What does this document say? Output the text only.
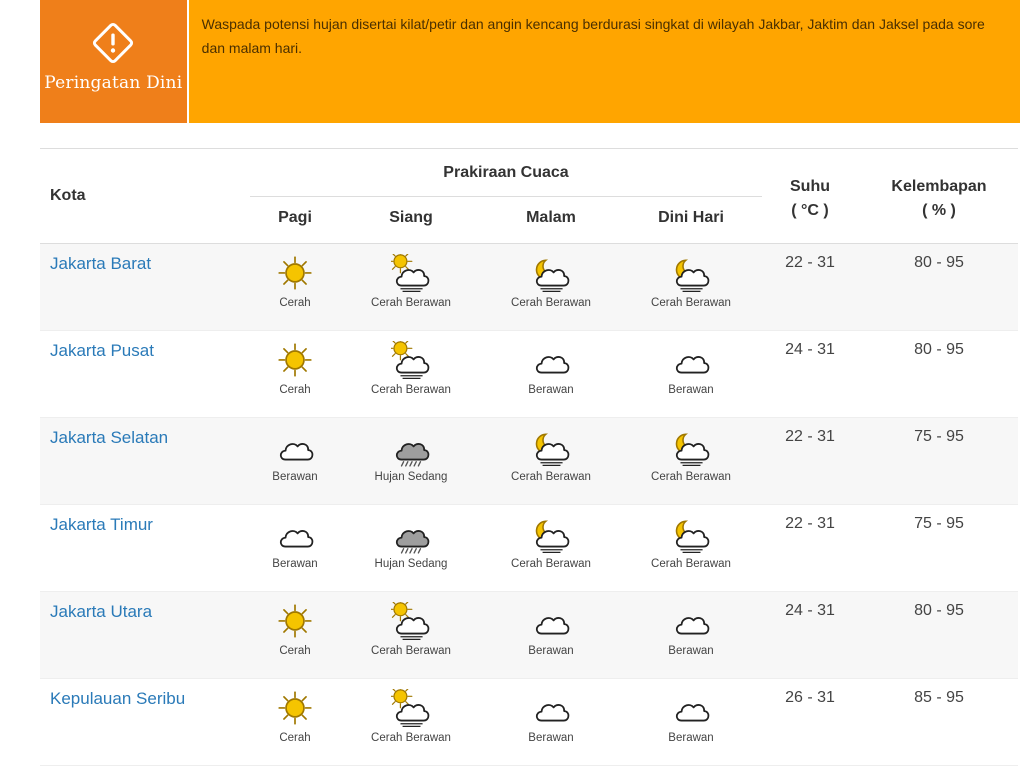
Peringatan Dini
Waspada potensi hujan disertai kilat/petir dan angin kencang berdurasi singkat di wilayah Jakbar, Jaktim dan Jaksel pada sore dan malam hari.
Kota
Prakiraan Cuaca
Pagi	Siang	Malam	Dini Hari
Suhu
( °C )
Kelembapan
( % )
Jakarta Barat
Cerah	Cerah Berawan	Cerah Berawan	Cerah Berawan
22 - 31	80 - 95
Jakarta Pusat
Cerah	Cerah Berawan	Berawan	Berawan
24 - 31	80 - 95
Jakarta Selatan
Berawan	Hujan Sedang	Cerah Berawan	Cerah Berawan
22 - 31	75 - 95
Jakarta Timur
Berawan	Hujan Sedang	Cerah Berawan	Cerah Berawan
22 - 31	75 - 95
Jakarta Utara
Cerah	Cerah Berawan	Berawan	Berawan
24 - 31	80 - 95
Kepulauan Seribu
Cerah	Cerah Berawan	Berawan	Berawan
26 - 31	85 - 95
